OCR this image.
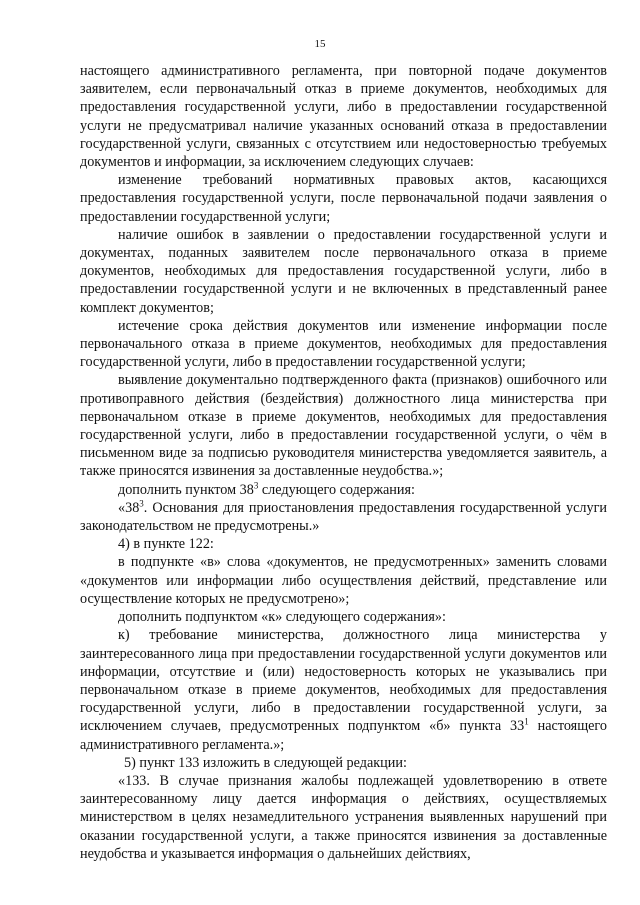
15

настоящего административного регламента, при повторной подаче документов заявителем, если первоначальный отказ в приеме документов, необходимых для предоставления государственной услуги, либо в предоставлении государственной услуги не предусматривал наличие указанных оснований отказа в предоставлении государственной услуги, связанных с отсутствием или недостоверностью требуемых документов и информации, за исключением следующих случаев:

изменение требований нормативных правовых актов, касающихся предоставления государственной услуги, после первоначальной подачи заявления о предоставлении государственной услуги;

наличие ошибок в заявлении о предоставлении государственной услуги и документах, поданных заявителем после первоначального отказа в приеме документов, необходимых для предоставления государственной услуги, либо в предоставлении государственной услуги и не включенных в представленный ранее комплект документов;

истечение срока действия документов или изменение информации после первоначального отказа в приеме документов, необходимых для предоставления государственной услуги, либо в предоставлении государственной услуги;

выявление документально подтвержденного факта (признаков) ошибочного или противоправного действия (бездействия) должностного лица министерства при первоначальном отказе в приеме документов, необходимых для предоставления государственной услуги, либо в предоставлении государственной услуги, о чём в письменном виде за подписью руководителя министерства уведомляется заявитель, а также приносятся извинения за доставленные неудобства.»;

дополнить пунктом $38^3$ следующего содержания:

«$38^3$. Основания для приостановления предоставления государственной услуги законодательством не предусмотрены.»

4) в пункте 122:

в подпункте «в» слова «документов, не предусмотренных» заменить словами «документов или информации либо осуществления действий, представление или осуществление которых не предусмотрено»;

дополнить подпунктом «к» следующего содержания»:

к) требование министерства, должностного лица министерства у заинтересованного лица при предоставлении государственной услуги документов или информации, отсутствие и (или) недостоверность которых не указывались при первоначальном отказе в приеме документов, необходимых для предоставления государственной услуги, либо в предоставлении государственной услуги, за исключением случаев, предусмотренных подпунктом «б» пункта $33^1$ настоящего административного регламента.»;

5) пункт 133 изложить в следующей редакции:

«133. В случае признания жалобы подлежащей удовлетворению в ответе заинтересованному лицу дается информация о действиях, осуществляемых министерством в целях незамедлительного устранения выявленных нарушений при оказании государственной услуги, а также приносятся извинения за доставленные неудобства и указывается информация о дальнейших действиях,
